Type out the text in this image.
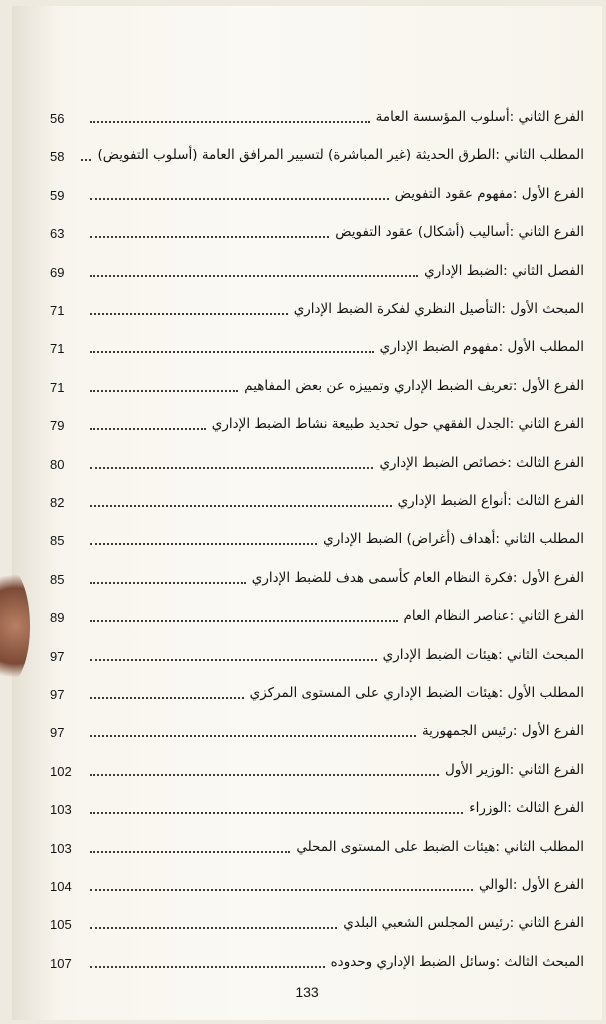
الفرع الثاني :أسلوب المؤسسة العامة
56
المطلب الثاني :الطرق الحديثة (غير المباشرة) لتسيير المرافق العامة (أسلوب التفويض)
58
الفرع الأول :مفهوم عقود التفويض
59
الفرع الثاني :أساليب (أشكال) عقود التفويض
63
الفصل الثاني :الضبط الإداري
69
المبحث الأول :التأصيل النظري لفكرة الضبط الإداري
71
المطلب الأول :مفهوم الضبط الإداري
71
الفرع الأول :تعريف الضبط الإداري وتمييزه عن بعض المفاهيم
71
الفرع الثاني :الجدل الفقهي حول تحديد طبيعة نشاط الضبط الإداري
79
الفرع الثالث :خصائص الضبط الإداري
80
الفرع الثالث :أنواع الضبط الإداري
82
المطلب الثاني :أهداف (أغراض) الضبط الإداري
85
الفرع الأول :فكرة النظام العام كأسمى هدف للضبط الإداري
85
الفرع الثاني :عناصر النظام العام
89
المبحث الثاني :هيئات الضبط الإداري
97
المطلب الأول :هيئات الضبط الإداري على المستوى المركزي
97
الفرع الأول :رئيس الجمهورية
97
الفرع الثاني :الوزير الأول
102
الفرع الثالث :الوزراء
103
المطلب الثاني :هيئات الضبط على المستوى المحلي
103
الفرع الأول :الوالي
104
الفرع الثاني :رئيس المجلس الشعبي البلدي
105
المبحث الثالث :وسائل الضبط الإداري وحدوده
107
133
